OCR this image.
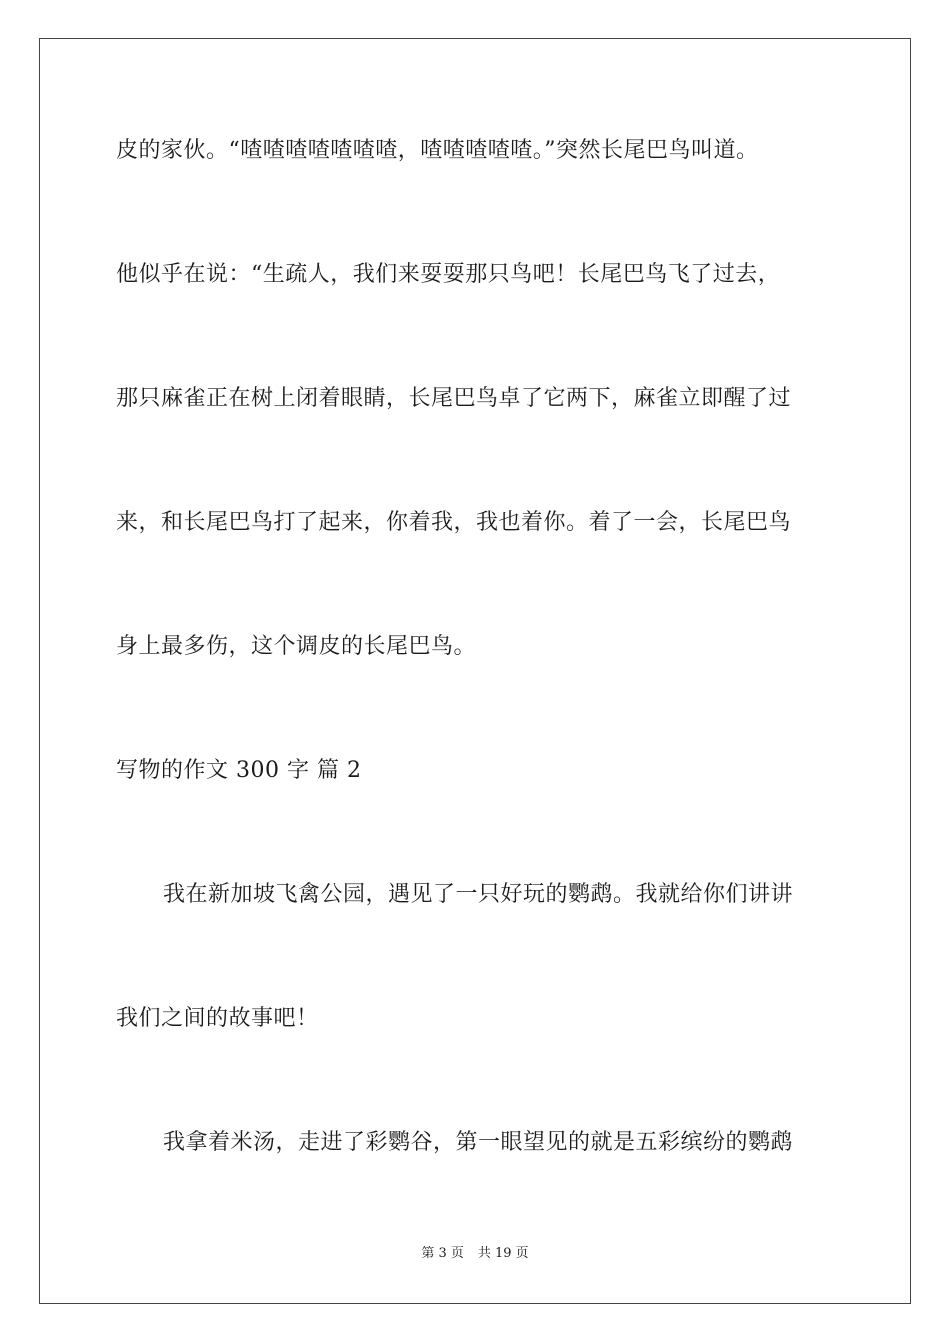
皮的家伙。“喳喳喳喳喳喳喳，喳喳喳喳喳。”突然长尾巴鸟叫道。
他似乎在说：“生疏人，我们来耍耍那只鸟吧！长尾巴鸟飞了过去，
那只麻雀正在树上闭着眼睛，长尾巴鸟卓了它两下，麻雀立即醒了过
来，和长尾巴鸟打了起来，你着我，我也着你。着了一会，长尾巴鸟
身上最多伤，这个调皮的长尾巴鸟。
写物的作文 300 字 篇 2
我在新加坡飞禽公园，遇见了一只好玩的鹦鹉。我就给你们讲讲
我们之间的故事吧！
我拿着米汤，走进了彩鹦谷，第一眼望见的就是五彩缤纷的鹦鹉
第 3 页 共 19 页
